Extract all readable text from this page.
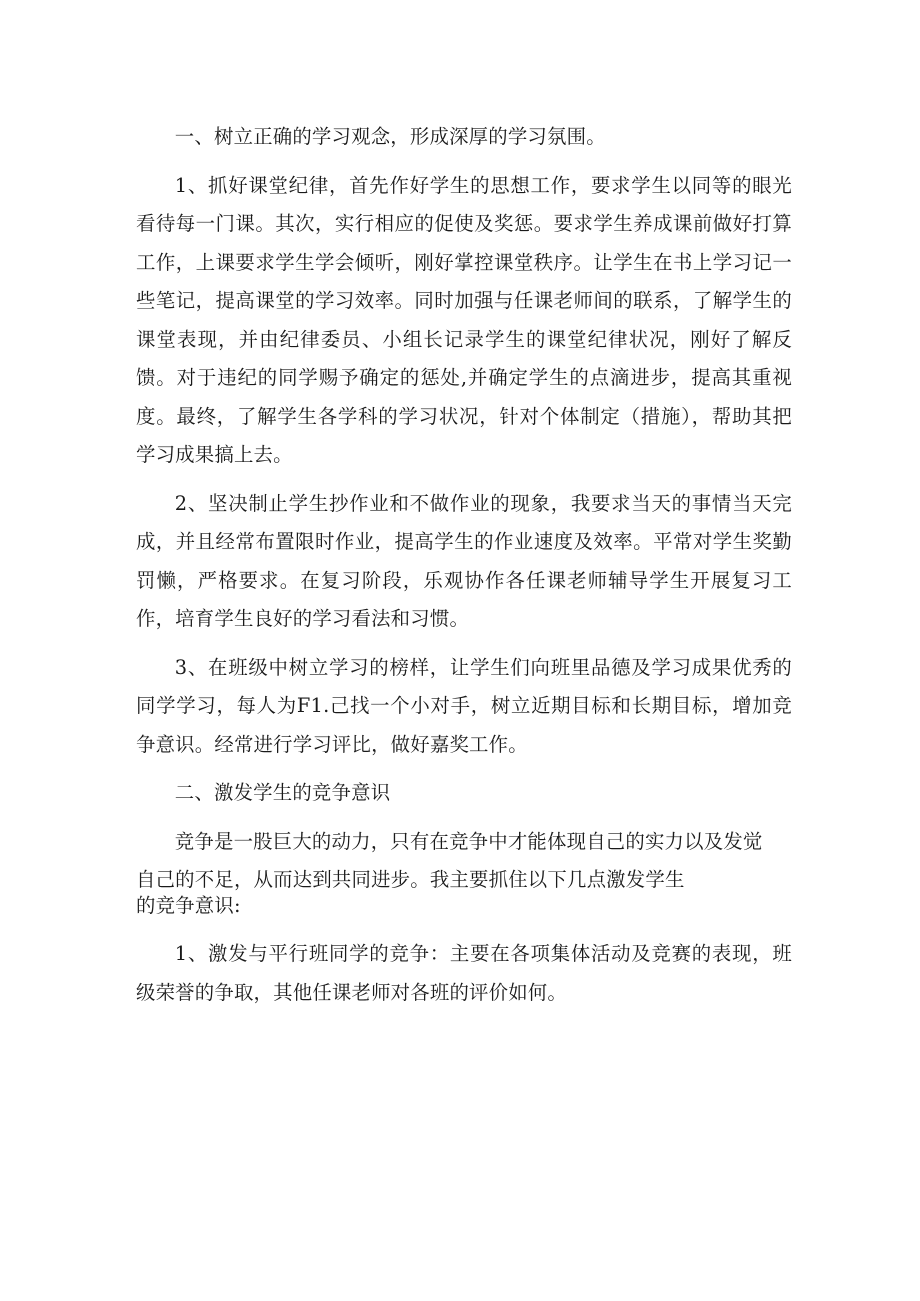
一、树立正确的学习观念，形成深厚的学习氛围。

1、抓好课堂纪律，首先作好学生的思想工作，要求学生以同等的眼光看待每一门课。其次，实行相应的促使及奖惩。要求学生养成课前做好打算工作，上课要求学生学会倾听，刚好掌控课堂秩序。让学生在书上学习记一些笔记，提高课堂的学习效率。同时加强与任课老师间的联系，了解学生的课堂表现，并由纪律委员、小组长记录学生的课堂纪律状况，刚好了解反馈。对于违纪的同学赐予确定的惩处,并确定学生的点滴进步，提高其重视度。最终，了解学生各学科的学习状况，针对个体制定（措施），帮助其把学习成果搞上去。

2、坚决制止学生抄作业和不做作业的现象，我要求当天的事情当天完成，并且经常布置限时作业，提高学生的作业速度及效率。平常对学生奖勤罚懒，严格要求。在复习阶段，乐观协作各任课老师辅导学生开展复习工作，培育学生良好的学习看法和习惯。

3、在班级中树立学习的榜样，让学生们向班里品德及学习成果优秀的同学学习，每人为F1.己找一个小对手，树立近期目标和长期目标，增加竞争意识。经常进行学习评比，做好嘉奖工作。

二、激发学生的竞争意识

竞争是一股巨大的动力，只有在竞争中才能体现自己的实力以及发觉

自己的不足，从而达到共同进步。我主要抓住以下几点激发学生

的竞争意识:

1、激发与平行班同学的竞争：主要在各项集体活动及竞赛的表现，班级荣誉的争取，其他任课老师对各班的评价如何。
